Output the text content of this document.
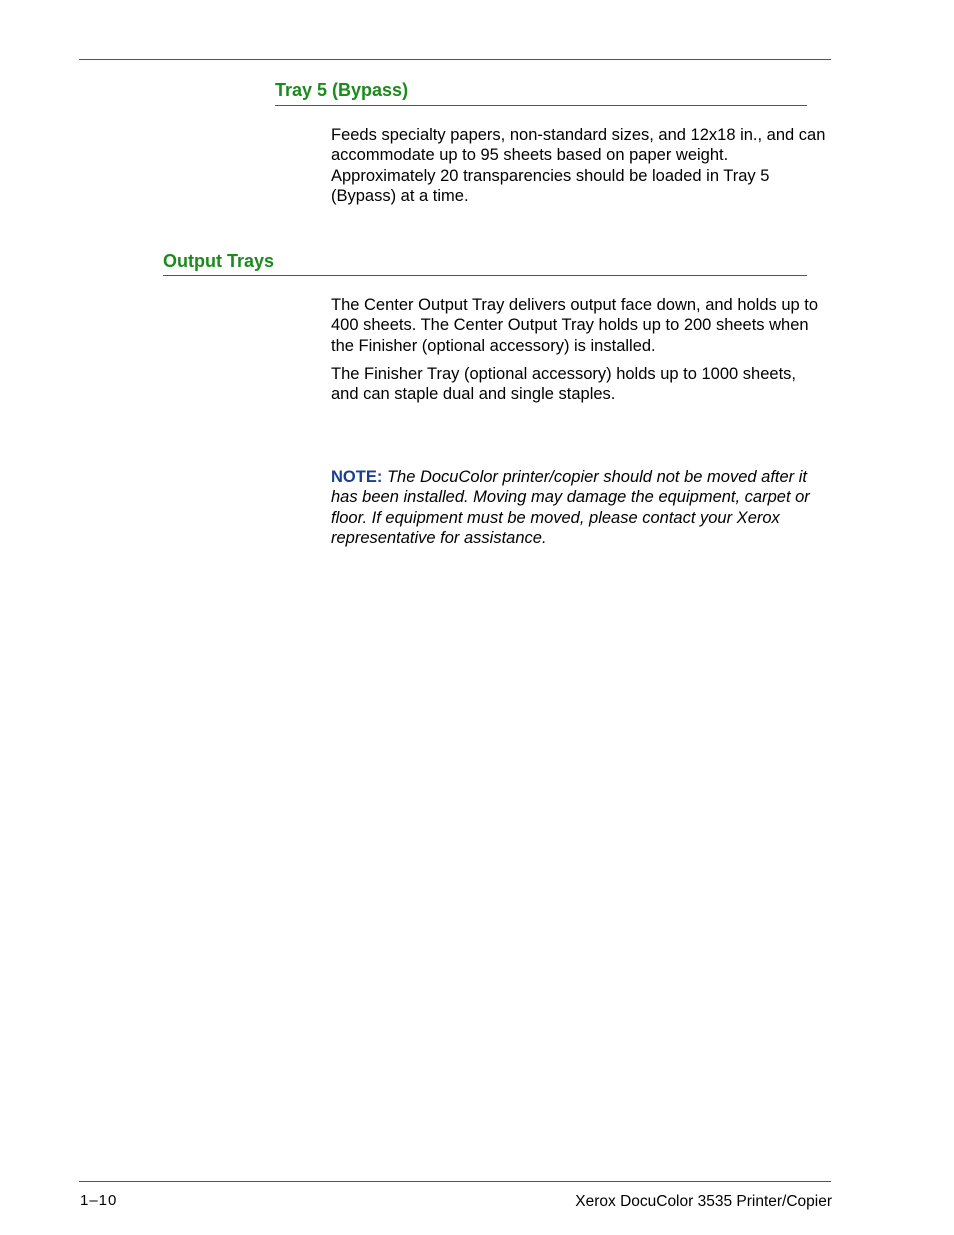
Tray 5 (Bypass)
Feeds specialty papers, non-standard sizes, and 12x18 in., and can accommodate up to 95 sheets based on paper weight. Approximately 20 transparencies should be loaded in Tray 5 (Bypass) at a time.
Output Trays
The Center Output Tray delivers output face down, and holds up to 400 sheets. The Center Output Tray holds up to 200 sheets when the Finisher (optional accessory) is installed.
The Finisher Tray (optional accessory) holds up to 1000 sheets, and can staple dual and single staples.
NOTE: The DocuColor printer/copier should not be moved after it has been installed. Moving may damage the equipment, carpet or floor. If equipment must be moved, please contact your Xerox representative for assistance.
1–10	Xerox DocuColor 3535 Printer/Copier
